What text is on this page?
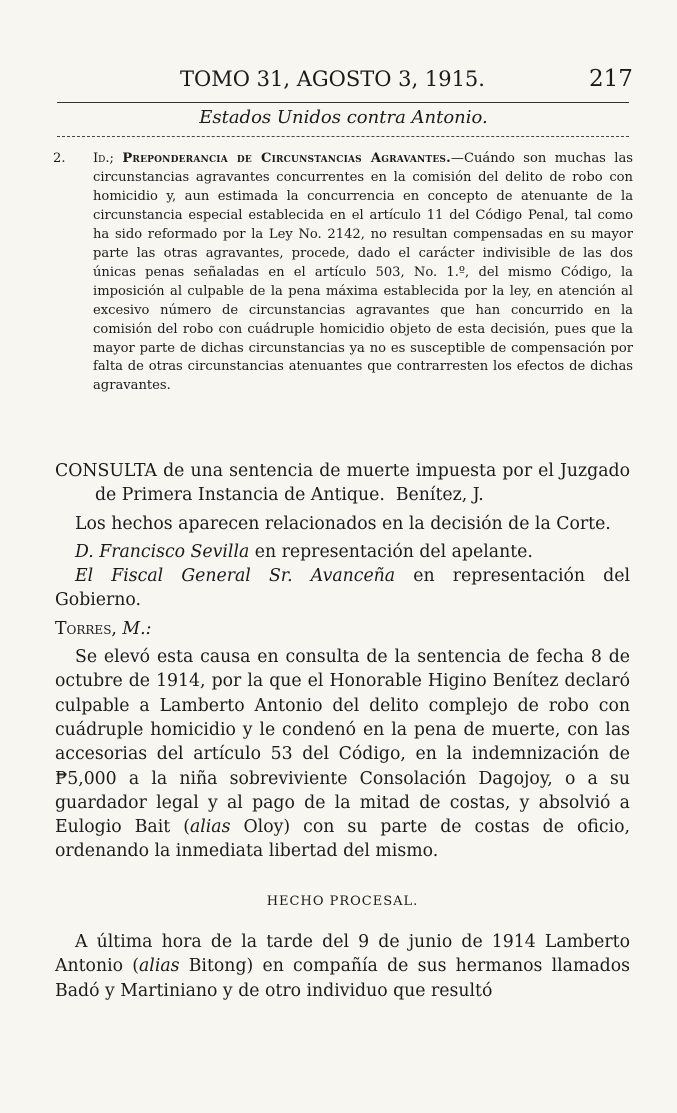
TOMO 31, AGOSTO 3, 1915.	217
Estados Unidos contra Antonio.
2. Id.; Preponderancia de Circunstancias Agravantes.—Cuándo son muchas las circunstancias agravantes concurrentes en la comisión del delito de robo con homicidio y, aun estimada la concurrencia en concepto de atenuante de la circunstancia especial establecida en el artículo 11 del Código Penal, tal como ha sido reformado por la Ley No. 2142, no resultan compensadas en su mayor parte las otras agravantes, procede, dado el carácter indivisible de las dos únicas penas señaladas en el artículo 503, No. 1.º, del mismo Código, la imposición al culpable de la pena máxima establecida por la ley, en atención al excesivo número de circunstancias agravantes que han concurrido en la comisión del robo con cuádruple homicidio objeto de esta decisión, pues que la mayor parte de dichas circunstancias ya no es susceptible de compensación por falta de otras circunstancias atenuantes que contrarresten los efectos de dichas agravantes.

CONSULTA de una sentencia de muerte impuesta por el Juzgado de Primera Instancia de Antique. Benítez, J.

Los hechos aparecen relacionados en la decisión de la Corte.

D. Francisco Sevilla en representación del apelante.

El Fiscal General Sr. Avanceña en representación del Gobierno.

Torres, M.:

Se elevó esta causa en consulta de la sentencia de fecha 8 de octubre de 1914, por la que el Honorable Higino Benítez declaró culpable a Lamberto Antonio del delito complejo de robo con cuádruple homicidio y le condenó en la pena de muerte, con las accesorias del artículo 53 del Código, en la indemnización de ₱5,000 a la niña sobreviviente Consolación Dagojoy, o a su guardador legal y al pago de la mitad de costas, y absolvió a Eulogio Bait (alias Oloy) con su parte de costas de oficio, ordenando la inmediata libertad del mismo.

HECHO PROCESAL.

A última hora de la tarde del 9 de junio de 1914 Lamberto Antonio (alias Bitong) en compañía de sus hermanos llamados Badó y Martiniano y de otro individuo que resultó
